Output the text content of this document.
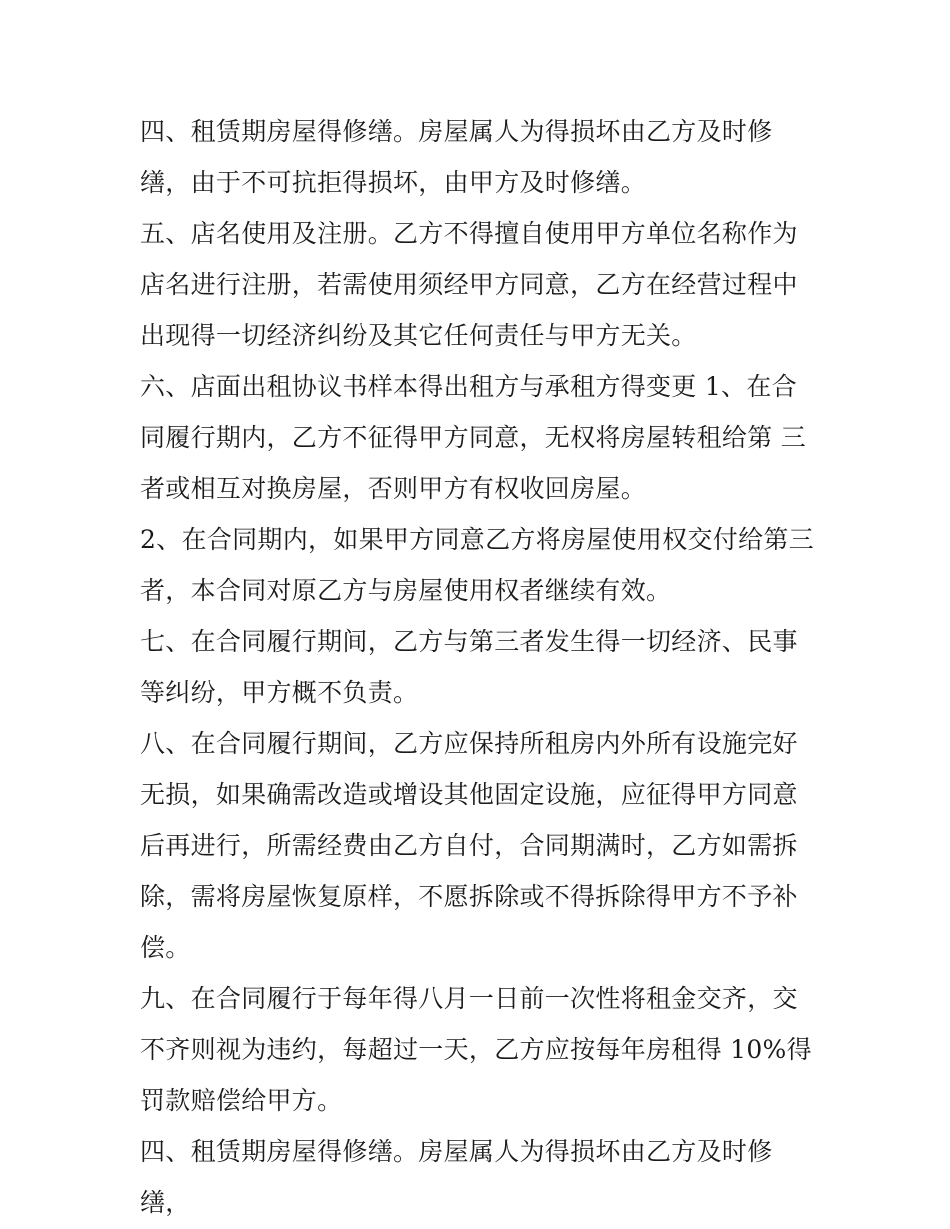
四、租赁期房屋得修缮。房屋属人为得损坏由乙方及时修缮，由于不可抗拒得损坏，由甲方及时修缮。

五、店名使用及注册。乙方不得擅自使用甲方单位名称作为店名进行注册，若需使用须经甲方同意，乙方在经营过程中出现得一切经济纠纷及其它任何责任与甲方无关。

六、店面出租协议书样本得出租方与承租方得变更 1、在合同履行期内，乙方不征得甲方同意，无权将房屋转租给第 三者或相互对换房屋，否则甲方有权收回房屋。

2、在合同期内，如果甲方同意乙方将房屋使用权交付给第三者，本合同对原乙方与房屋使用权者继续有效。

七、在合同履行期间，乙方与第三者发生得一切经济、民事等纠纷，甲方概不负责。

八、在合同履行期间，乙方应保持所租房内外所有设施完好无损，如果确需改造或增设其他固定设施，应征得甲方同意后再进行，所需经费由乙方自付，合同期满时，乙方如需拆除，需将房屋恢复原样，不愿拆除或不得拆除得甲方不予补偿。

九、在合同履行于每年得八月一日前一次性将租金交齐，交不齐则视为违约，每超过一天，乙方应按每年房租得 10%得罚款赔偿给甲方。

四、租赁期房屋得修缮。房屋属人为得损坏由乙方及时修缮，
